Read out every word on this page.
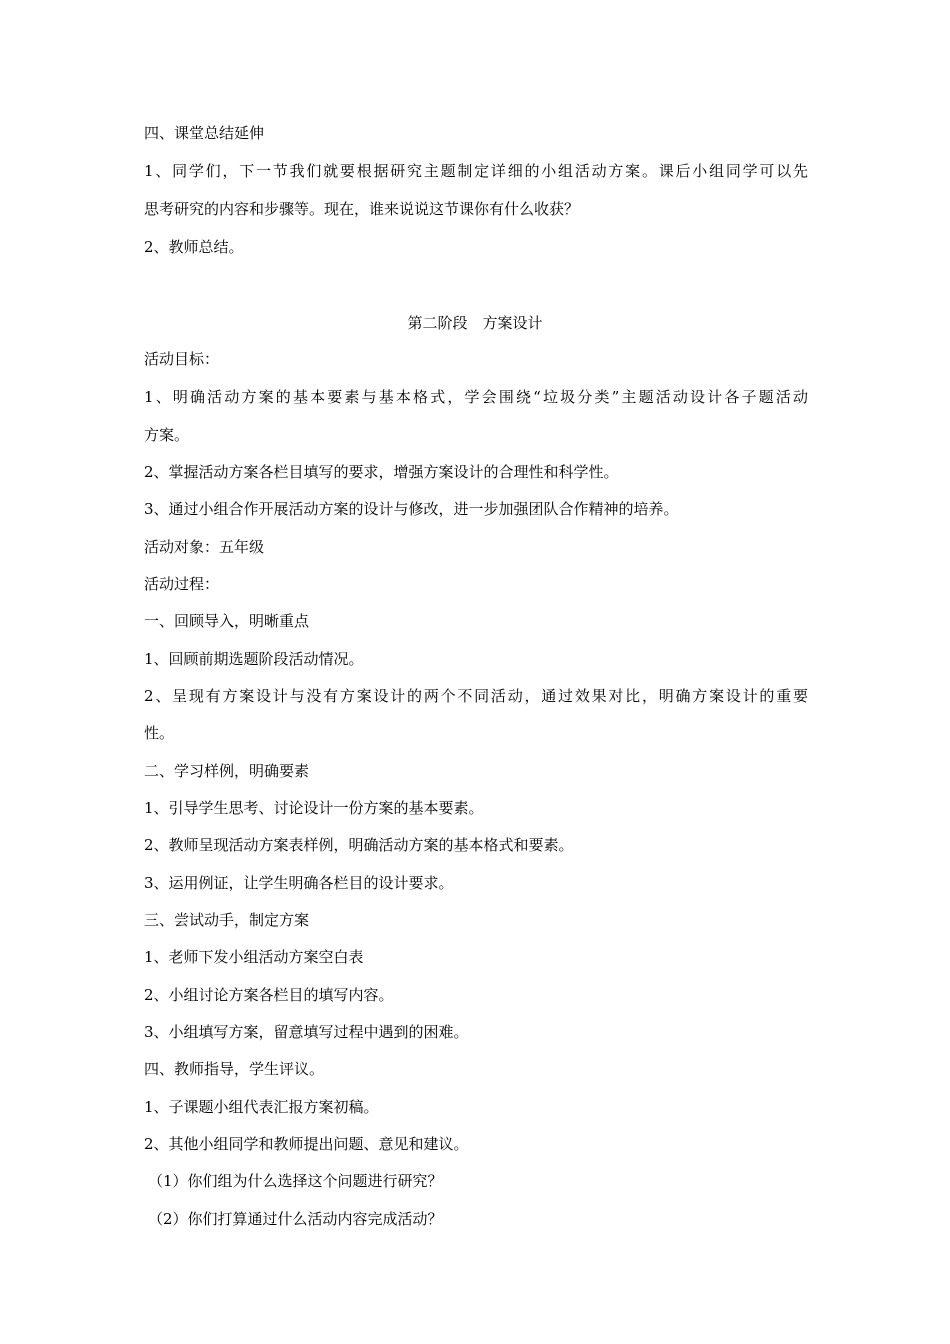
四、课堂总结延伸
1、同学们，下一节我们就要根据研究主题制定详细的小组活动方案。课后小组同学可以先
思考研究的内容和步骤等。现在，谁来说说这节课你有什么收获？
2、教师总结。
第二阶段　方案设计
活动目标：
1、明确活动方案的基本要素与基本格式，学会围绕“垃圾分类”主题活动设计各子题活动
方案。
2、掌握活动方案各栏目填写的要求，增强方案设计的合理性和科学性。
3、通过小组合作开展活动方案的设计与修改，进一步加强团队合作精神的培养。
活动对象：五年级
活动过程：
一、回顾导入，明晰重点
1、回顾前期选题阶段活动情况。
2、呈现有方案设计与没有方案设计的两个不同活动，通过效果对比，明确方案设计的重要
性。
二、学习样例，明确要素
1、引导学生思考、讨论设计一份方案的基本要素。
2、教师呈现活动方案表样例，明确活动方案的基本格式和要素。
3、运用例证，让学生明确各栏目的设计要求。
三、尝试动手，制定方案
1、老师下发小组活动方案空白表
2、小组讨论方案各栏目的填写内容。
3、小组填写方案，留意填写过程中遇到的困难。
四、教师指导，学生评议。
1、子课题小组代表汇报方案初稿。
2、其他小组同学和教师提出问题、意见和建议。
（1）你们组为什么选择这个问题进行研究？
（2）你们打算通过什么活动内容完成活动？
